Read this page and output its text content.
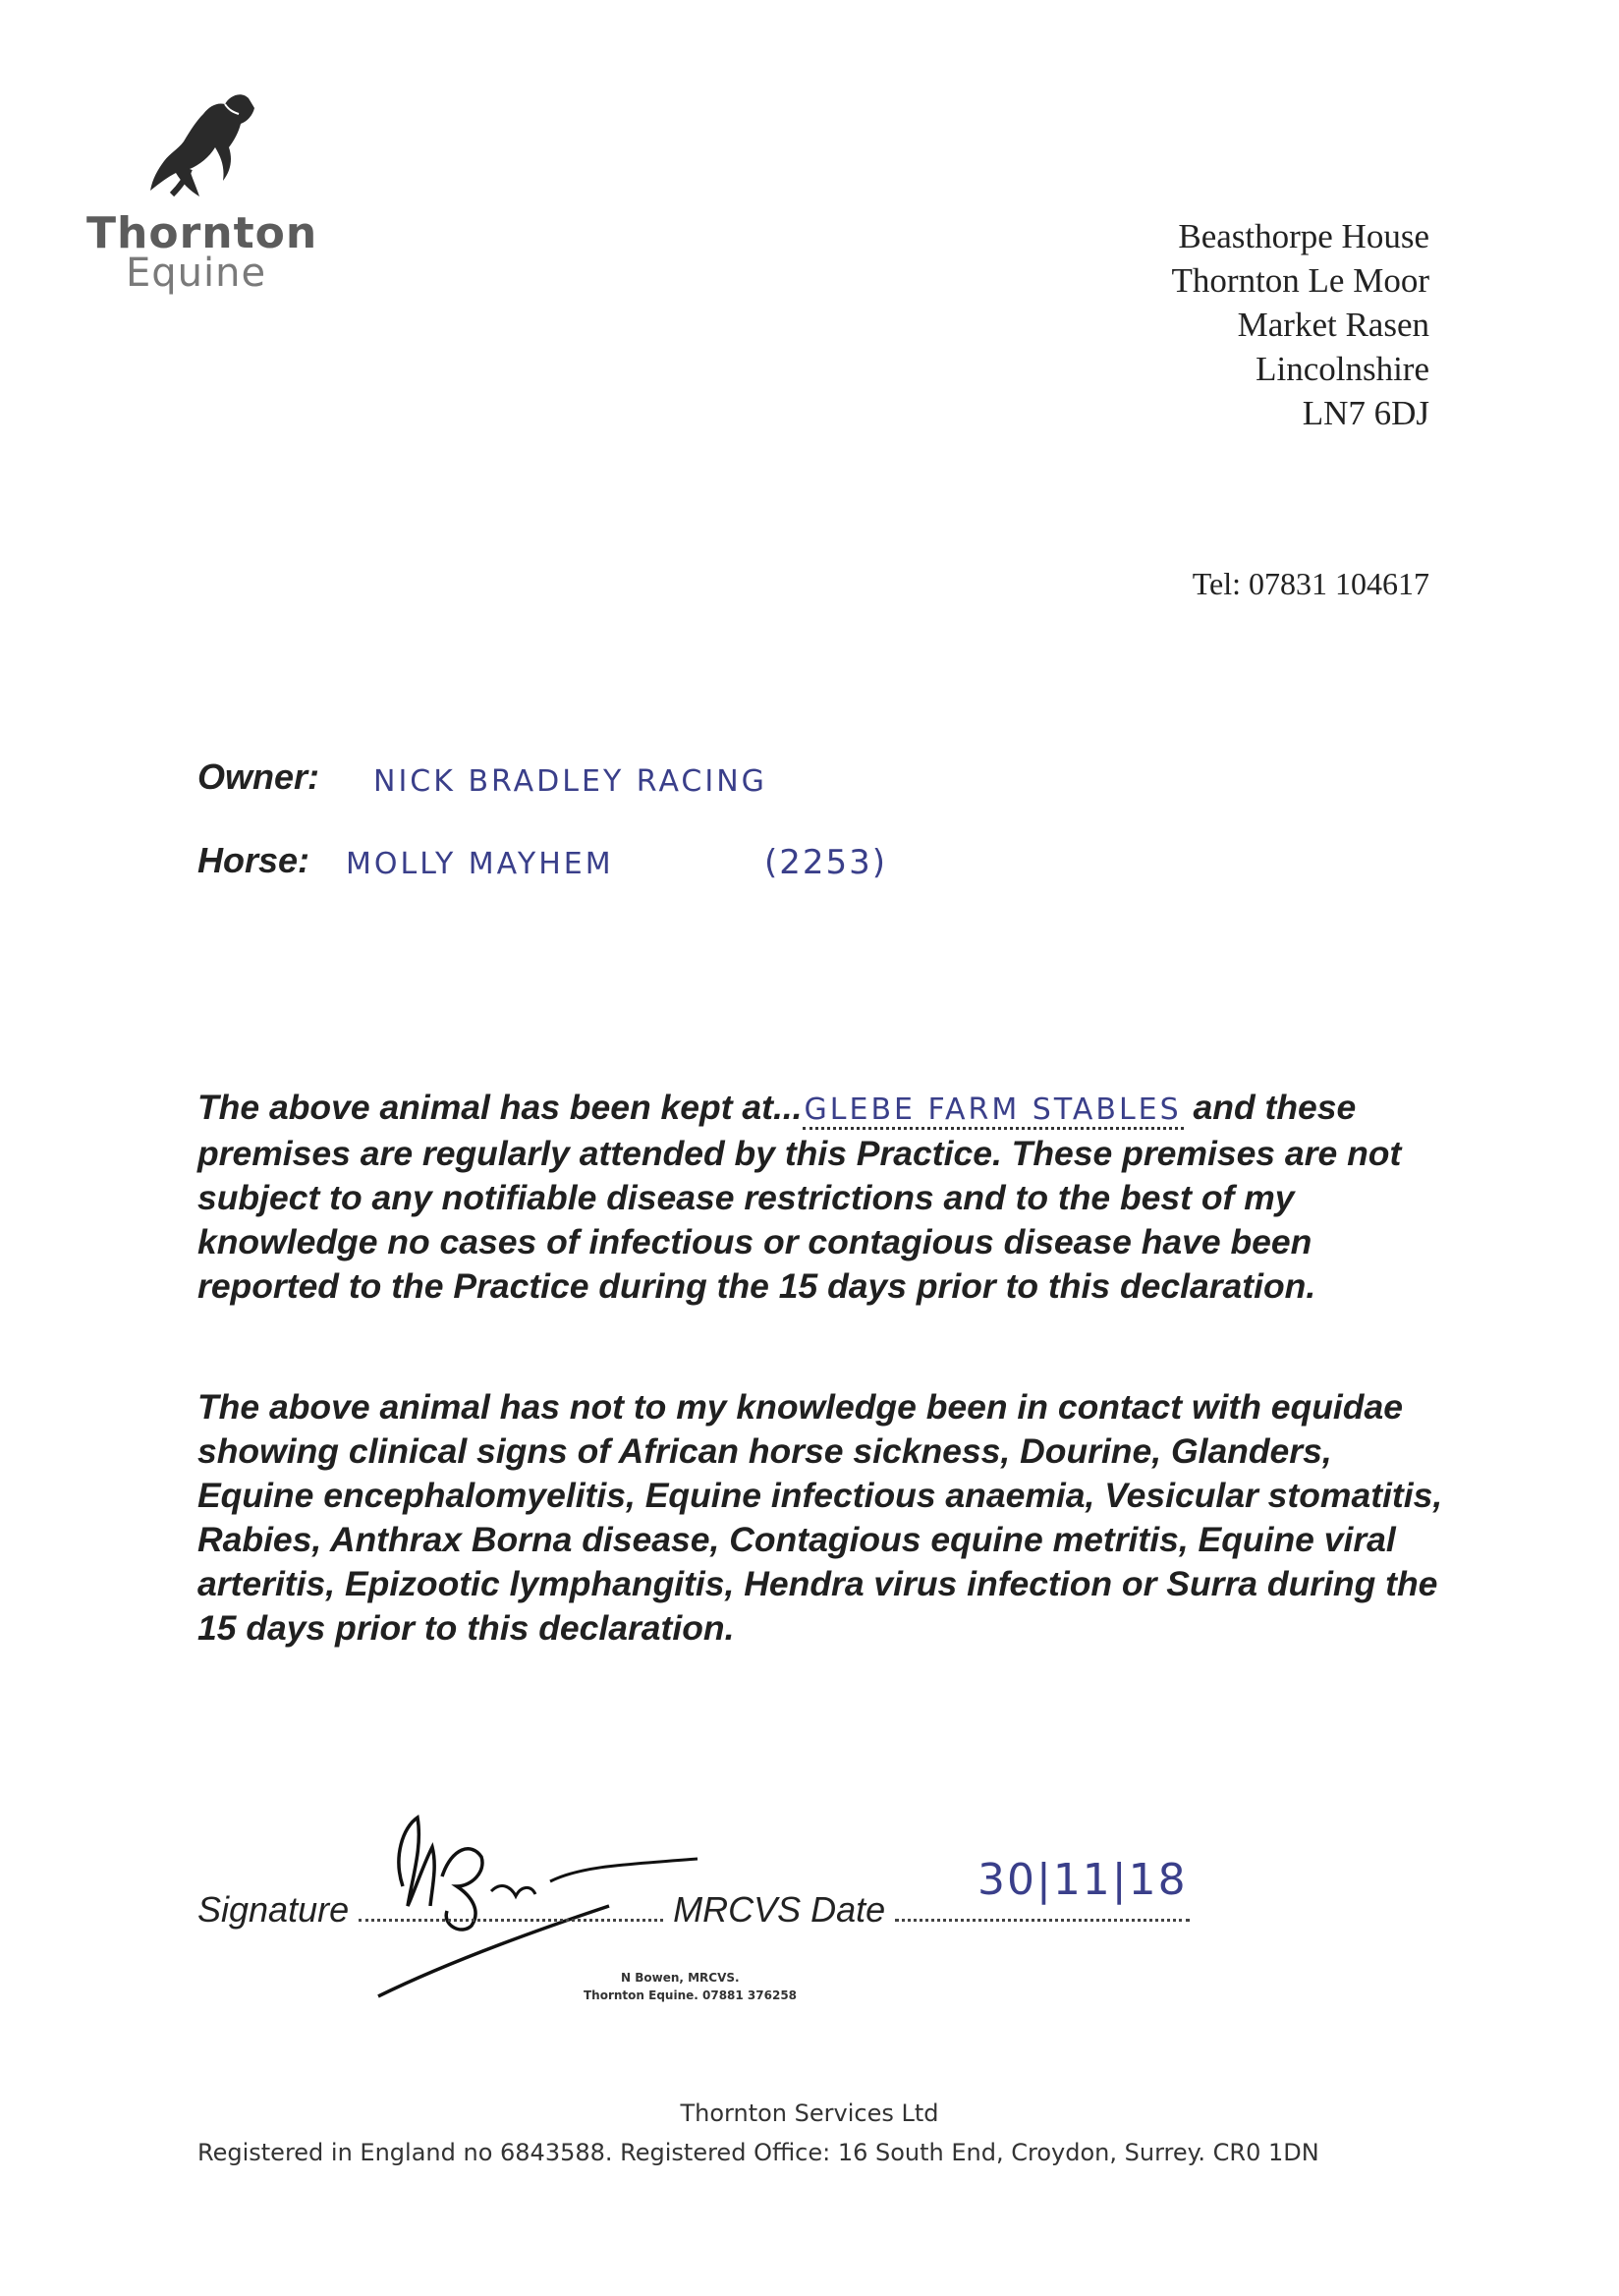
Thornton
Equine
Beasthorpe House
Thornton Le Moor
Market Rasen
Lincolnshire
LN7 6DJ
Tel: 07831 104617
Owner: NICK BRADLEY RACING
Horse: MOLLY MAYHEM	(2253)
The above animal has been kept at...GLEBE FARM STABLES and these premises are regularly attended by this Practice. These premises are not subject to any notifiable disease restrictions and to the best of my knowledge no cases of infectious or contagious disease have been reported to the Practice during the 15 days prior to this declaration.
The above animal has not to my knowledge been in contact with equidae showing clinical signs of African horse sickness, Dourine, Glanders, Equine encephalomyelitis, Equine infectious anaemia, Vesicular stomatitis, Rabies, Anthrax Borna disease, Contagious equine metritis, Equine viral arteritis, Epizootic lymphangitis, Hendra virus infection or Surra during the 15 days prior to this declaration.
Signature	MRCVS Date
30|11|18
N Bowen, MRCVS.
Thornton Equine. 07881 376258
Thornton Services Ltd
Registered in England no 6843588. Registered Office: 16 South End, Croydon, Surrey. CR0 1DN
